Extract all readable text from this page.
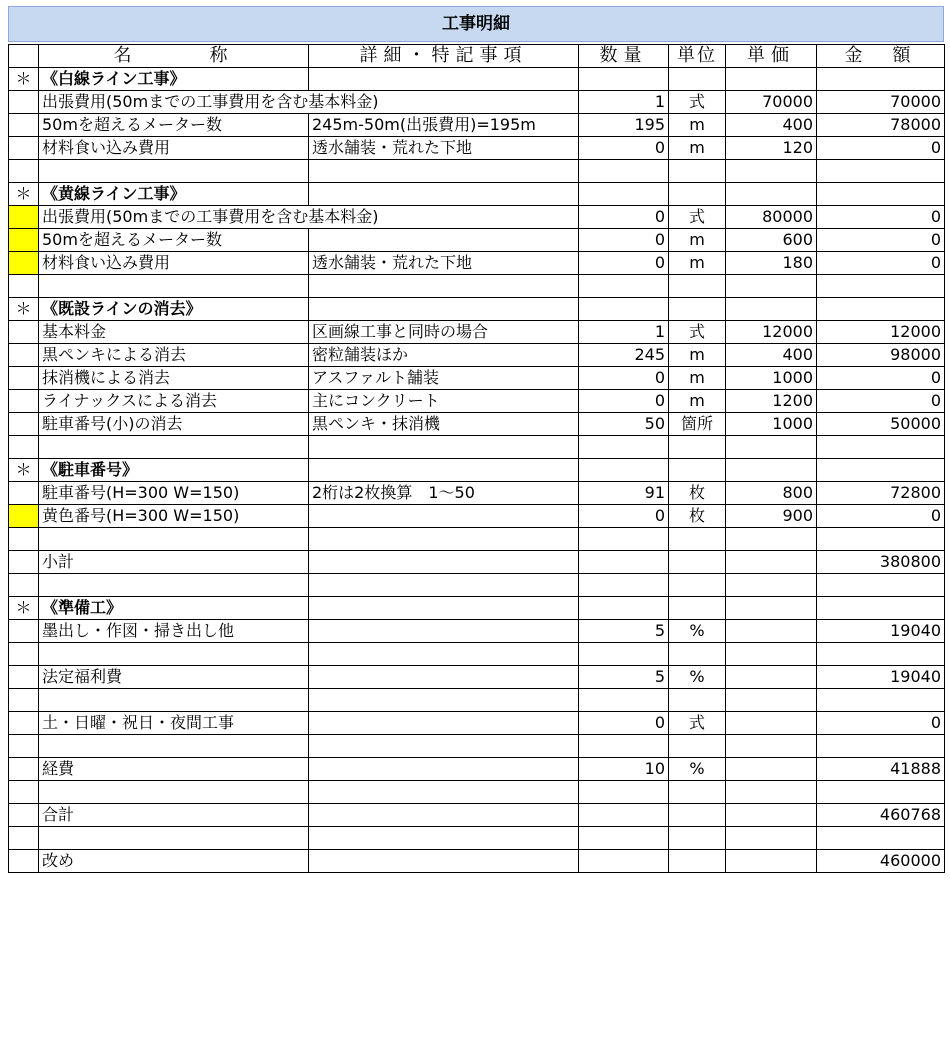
工事明細
	名　　　称	詳細・特記事項	数量	単位	単価	金　額
＊	《白線ライン工事》					
	出張費用(50mまでの工事費用を含む基本料金)		1	式	70000	70000
	50mを超えるメーター数	245m-50m(出張費用)=195m	195	m	400	78000
	材料食い込み費用	透水舗装・荒れた下地	0	m	120	0

＊	《黄線ライン工事》					
	出張費用(50mまでの工事費用を含む基本料金)		0	式	80000	0
	50mを超えるメーター数		0	m	600	0
	材料食い込み費用	透水舗装・荒れた下地	0	m	180	0

＊	《既設ラインの消去》					
	基本料金	区画線工事と同時の場合	1	式	12000	12000
	黒ペンキによる消去	密粒舗装ほか	245	m	400	98000
	抹消機による消去	アスファルト舗装	0	m	1000	0
	ライナックスによる消去	主にコンクリート	0	m	1200	0
	駐車番号(小)の消去	黒ペンキ・抹消機	50	箇所	1000	50000

＊	《駐車番号》					
	駐車番号(H=300 W=150)	2桁は2枚換算　1～50	91	枚	800	72800
	黄色番号(H=300 W=150)		0	枚	900	0

	小計					380800

＊	《準備工》					
	墨出し・作図・掃き出し他		5	%		19040

	法定福利費		5	%		19040

	土・日曜・祝日・夜間工事		0	式		0

	経費		10	%		41888

	合計					460768

	改め					460000
